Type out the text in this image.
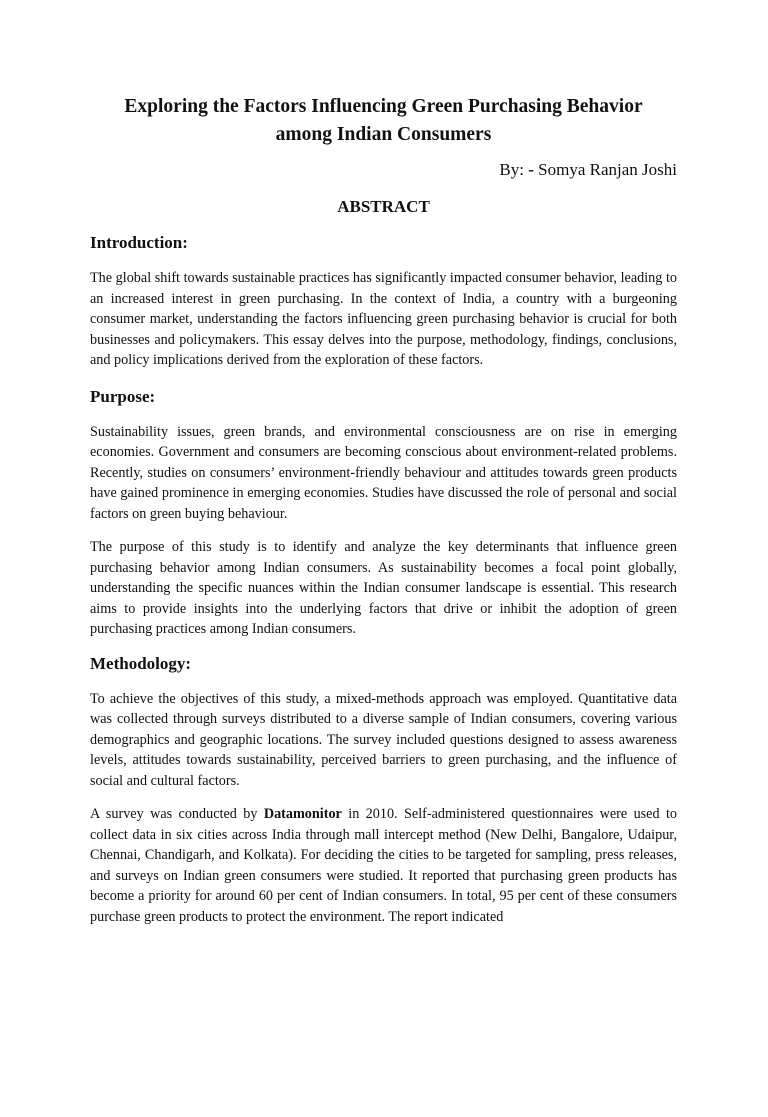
Exploring the Factors Influencing Green Purchasing Behavior
among Indian Consumers
By: - Somya Ranjan Joshi
ABSTRACT
Introduction:

The global shift towards sustainable practices has significantly impacted consumer behavior, leading to an increased interest in green purchasing. In the context of India, a country with a burgeoning consumer market, understanding the factors influencing green purchasing behavior is crucial for both businesses and policymakers. This essay delves into the purpose, methodology, findings, conclusions, and policy implications derived from the exploration of these factors.

Purpose:

Sustainability issues, green brands, and environmental consciousness are on rise in emerging economies. Government and consumers are becoming conscious about environment-related problems. Recently, studies on consumers’ environment-friendly behaviour and attitudes towards green products have gained prominence in emerging economies. Studies have discussed the role of personal and social factors on green buying behaviour.

The purpose of this study is to identify and analyze the key determinants that influence green purchasing behavior among Indian consumers. As sustainability becomes a focal point globally, understanding the specific nuances within the Indian consumer landscape is essential. This research aims to provide insights into the underlying factors that drive or inhibit the adoption of green purchasing practices among Indian consumers.

Methodology:

To achieve the objectives of this study, a mixed-methods approach was employed. Quantitative data was collected through surveys distributed to a diverse sample of Indian consumers, covering various demographics and geographic locations. The survey included questions designed to assess awareness levels, attitudes towards sustainability, perceived barriers to green purchasing, and the influence of social and cultural factors.

A survey was conducted by Datamonitor in 2010. Self-administered questionnaires were used to collect data in six cities across India through mall intercept method (New Delhi, Bangalore, Udaipur, Chennai, Chandigarh, and Kolkata). For deciding the cities to be targeted for sampling, press releases, and surveys on Indian green consumers were studied. It reported that purchasing green products has become a priority for around 60 per cent of Indian consumers. In total, 95 per cent of these consumers purchase green products to protect the environment. The report indicated
